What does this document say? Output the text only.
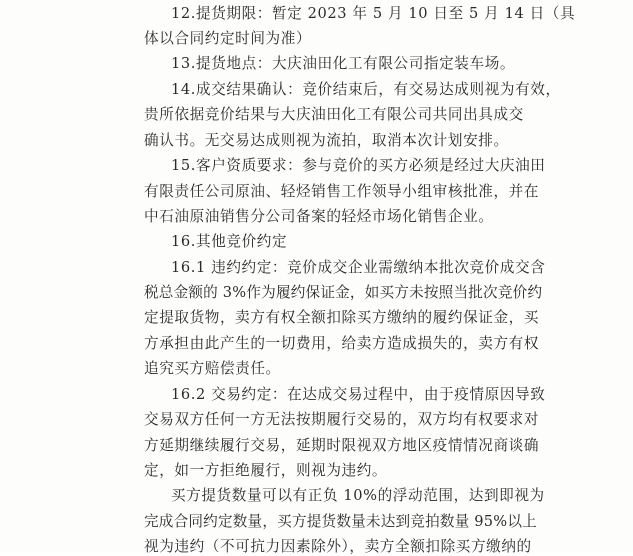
12.提货期限：暂定 2023 年 5 月 10 日至 5 月 14 日（具
体以合同约定时间为准）
13.提货地点：大庆油田化工有限公司指定装车场。
14.成交结果确认：竞价结束后，有交易达成则视为有效，
贵所依据竞价结果与大庆油田化工有限公司共同出具成交
确认书。无交易达成则视为流拍，取消本次计划安排。
15.客户资质要求：参与竞价的买方必须是经过大庆油田
有限责任公司原油、轻烃销售工作领导小组审核批准，并在
中石油原油销售分公司备案的轻烃市场化销售企业。
16.其他竞价约定
16.1 违约约定：竞价成交企业需缴纳本批次竞价成交含
税总金额的 3%作为履约保证金，如买方未按照当批次竞价约
定提取货物，卖方有权全额扣除买方缴纳的履约保证金，买
方承担由此产生的一切费用，给卖方造成损失的，卖方有权
追究买方赔偿责任。
16.2 交易约定：在达成交易过程中，由于疫情原因导致
交易双方任何一方无法按期履行交易的，双方均有权要求对
方延期继续履行交易，延期时限视双方地区疫情情况商谈确
定，如一方拒绝履行，则视为违约。
买方提货数量可以有正负 10%的浮动范围，达到即视为
完成合同约定数量，买方提货数量未达到竞拍数量 95%以上
视为违约（不可抗力因素除外），卖方全额扣除买方缴纳的
